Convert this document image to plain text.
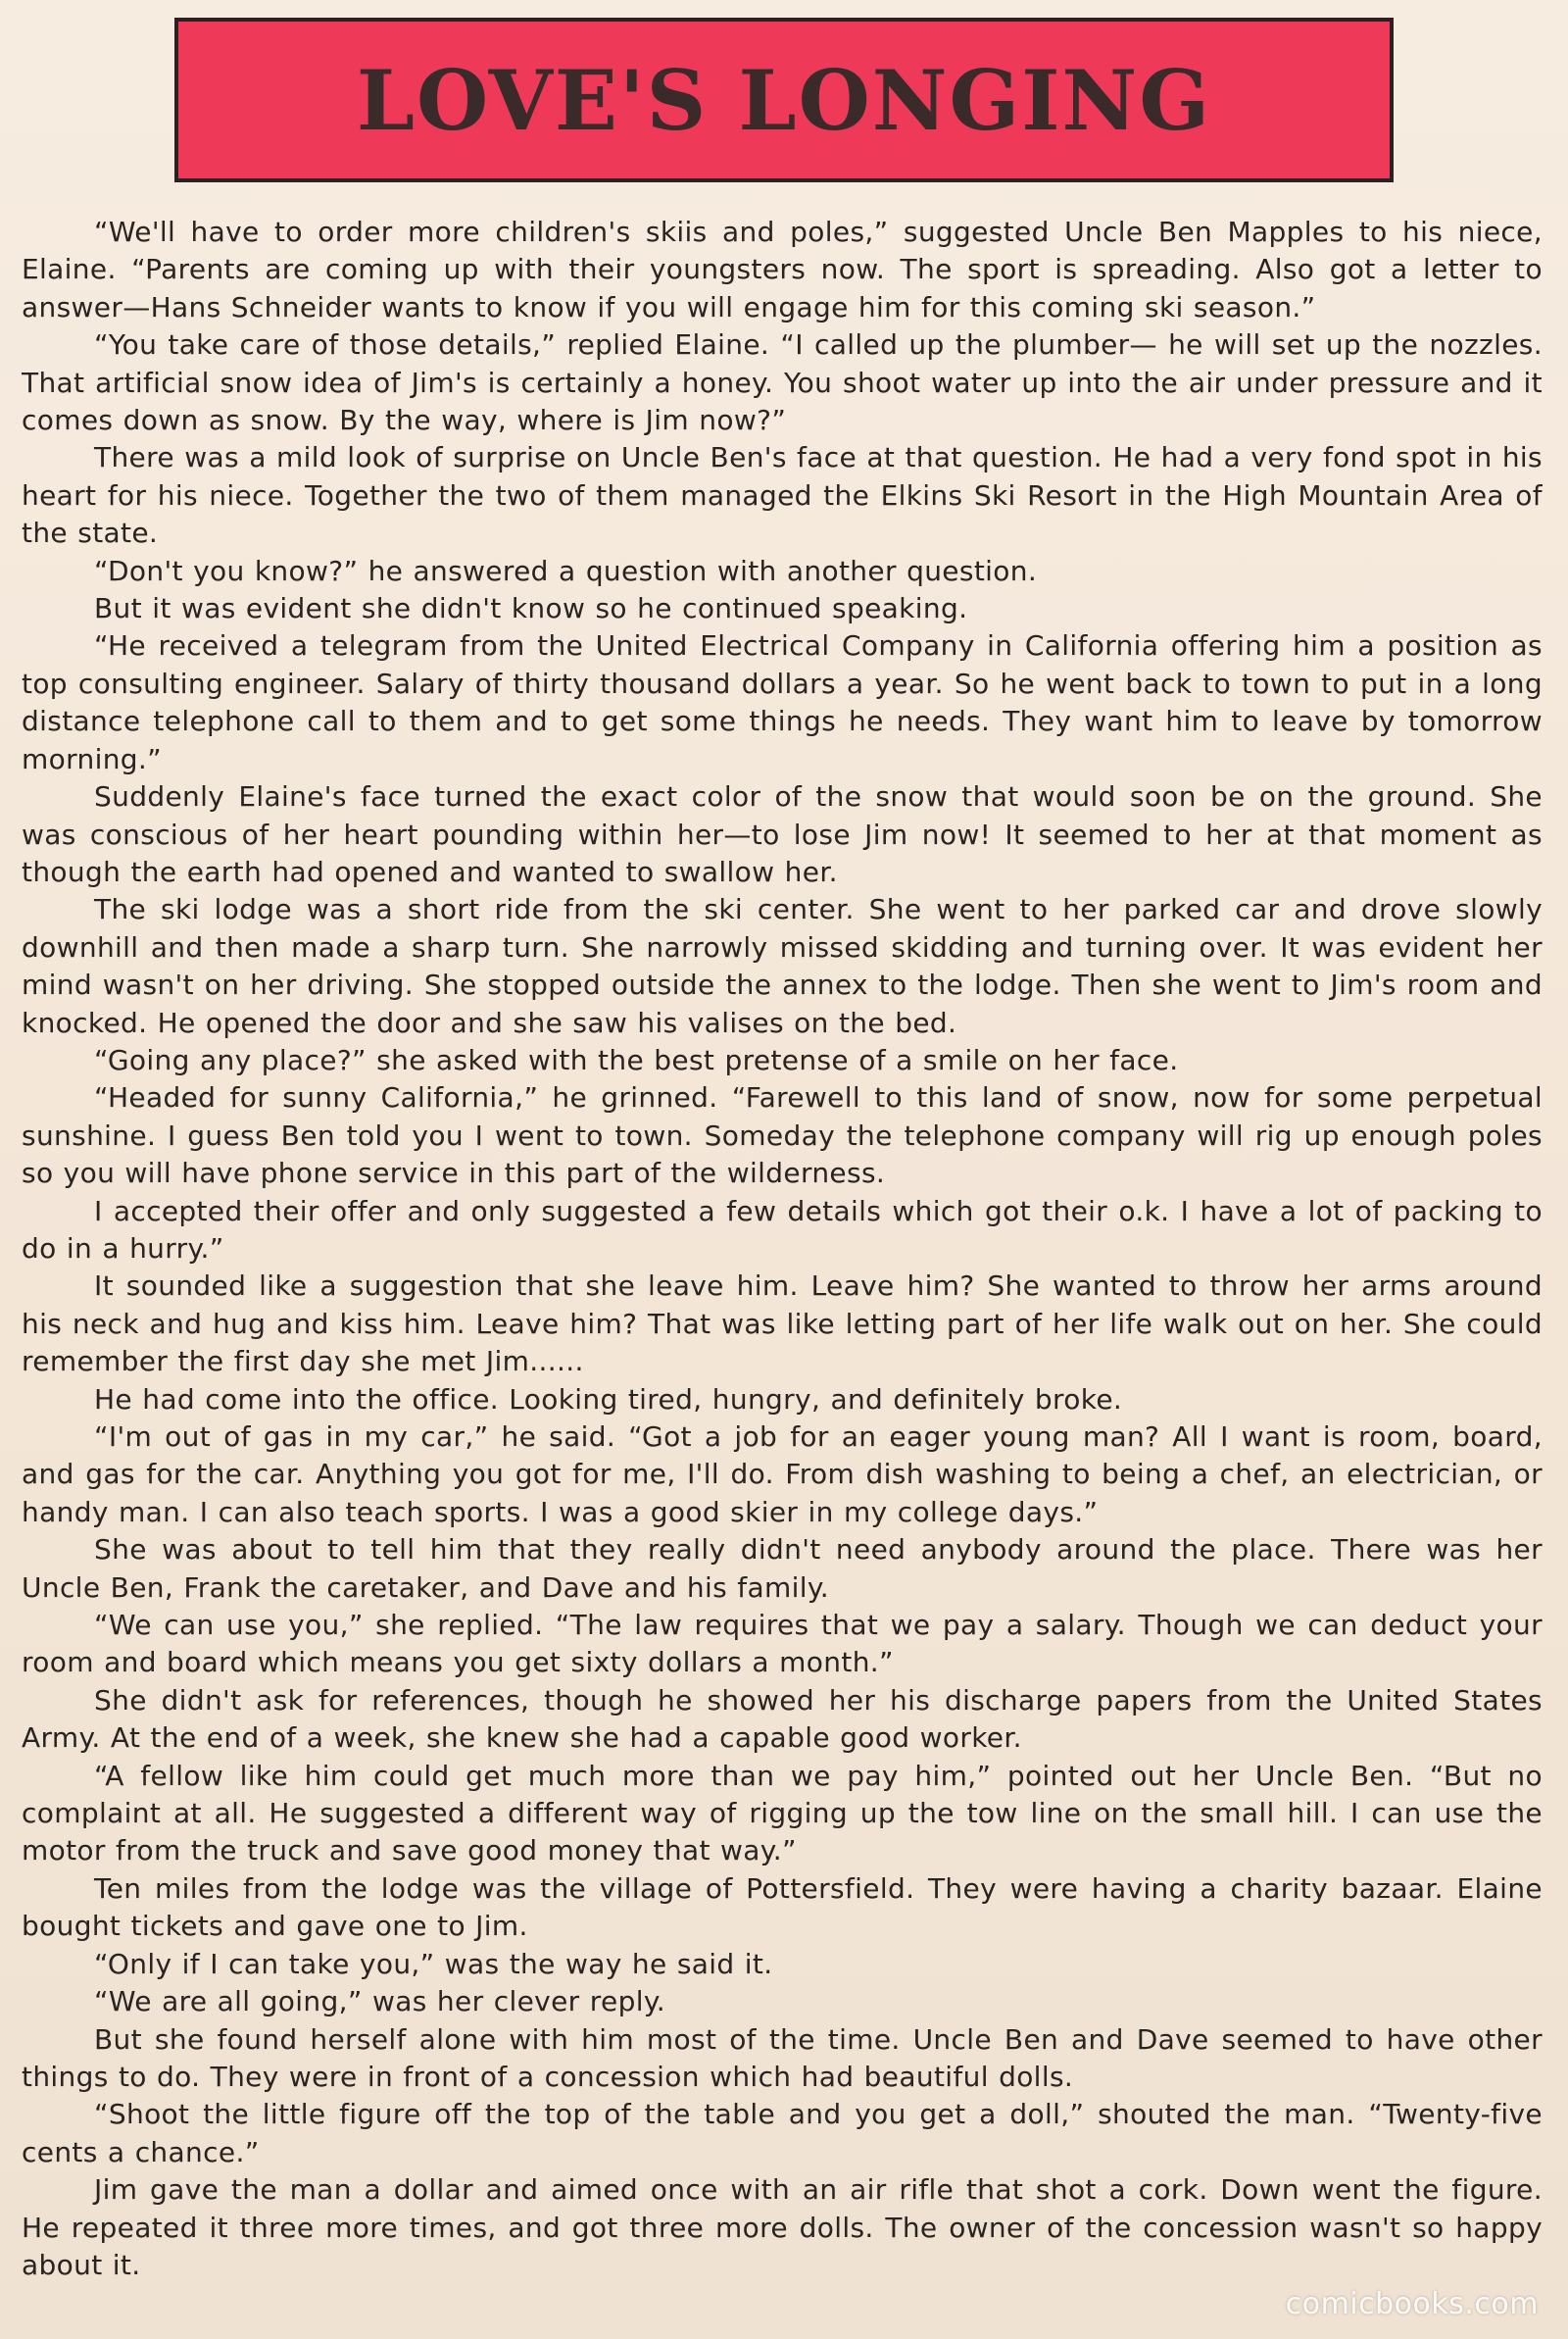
LOVE'S LONGING

“We'll have to order more children's skiis and poles,” suggested Uncle Ben Mapples to his niece, Elaine. “Parents are coming up with their youngsters now. The sport is spreading. Also got a letter to answer—Hans Schneider wants to know if you will engage him for this coming ski season.”

“You take care of those details,” replied Elaine. “I called up the plumber— he will set up the nozzles. That artificial snow idea of Jim's is certainly a honey. You shoot water up into the air under pressure and it comes down as snow. By the way, where is Jim now?”

There was a mild look of surprise on Uncle Ben's face at that question. He had a very fond spot in his heart for his niece. Together the two of them managed the Elkins Ski Resort in the High Mountain Area of the state.

“Don't you know?” he answered a question with another question.

But it was evident she didn't know so he continued speaking.

“He received a telegram from the United Electrical Company in California offering him a position as top consulting engineer. Salary of thirty thousand dollars a year. So he went back to town to put in a long distance telephone call to them and to get some things he needs. They want him to leave by tomorrow morning.”

Suddenly Elaine's face turned the exact color of the snow that would soon be on the ground. She was conscious of her heart pounding within her—to lose Jim now! It seemed to her at that moment as though the earth had opened and wanted to swallow her.

The ski lodge was a short ride from the ski center. She went to her parked car and drove slowly downhill and then made a sharp turn. She narrowly missed skidding and turning over. It was evident her mind wasn't on her driving. She stopped outside the annex to the lodge. Then she went to Jim's room and knocked. He opened the door and she saw his valises on the bed.

“Going any place?” she asked with the best pretense of a smile on her face.

“Headed for sunny California,” he grinned. “Farewell to this land of snow, now for some perpetual sunshine. I guess Ben told you I went to town. Someday the telephone company will rig up enough poles so you will have phone service in this part of the wilderness.

I accepted their offer and only suggested a few details which got their o.k. I have a lot of packing to do in a hurry.”

It sounded like a suggestion that she leave him. Leave him? She wanted to throw her arms around his neck and hug and kiss him. Leave him? That was like letting part of her life walk out on her. She could remember the first day she met Jim......

He had come into the office. Looking tired, hungry, and definitely broke.

“I'm out of gas in my car,” he said. “Got a job for an eager young man? All I want is room, board, and gas for the car. Anything you got for me, I'll do. From dish washing to being a chef, an electrician, or handy man. I can also teach sports. I was a good skier in my college days.”

She was about to tell him that they really didn't need anybody around the place. There was her Uncle Ben, Frank the caretaker, and Dave and his family.

“We can use you,” she replied. “The law requires that we pay a salary. Though we can deduct your room and board which means you get sixty dollars a month.”

She didn't ask for references, though he showed her his discharge papers from the United States Army. At the end of a week, she knew she had a capable good worker.

“A fellow like him could get much more than we pay him,” pointed out her Uncle Ben. “But no complaint at all. He suggested a different way of rigging up the tow line on the small hill. I can use the motor from the truck and save good money that way.”

Ten miles from the lodge was the village of Pottersfield. They were having a charity bazaar. Elaine bought tickets and gave one to Jim.

“Only if I can take you,” was the way he said it.

“We are all going,” was her clever reply.

But she found herself alone with him most of the time. Uncle Ben and Dave seemed to have other things to do. They were in front of a concession which had beautiful dolls.

“Shoot the little figure off the top of the table and you get a doll,” shouted the man. “Twenty-five cents a chance.”

Jim gave the man a dollar and aimed once with an air rifle that shot a cork. Down went the figure. He repeated it three more times, and got three more dolls. The owner of the concession wasn't so happy about it.

comicbooks.com
